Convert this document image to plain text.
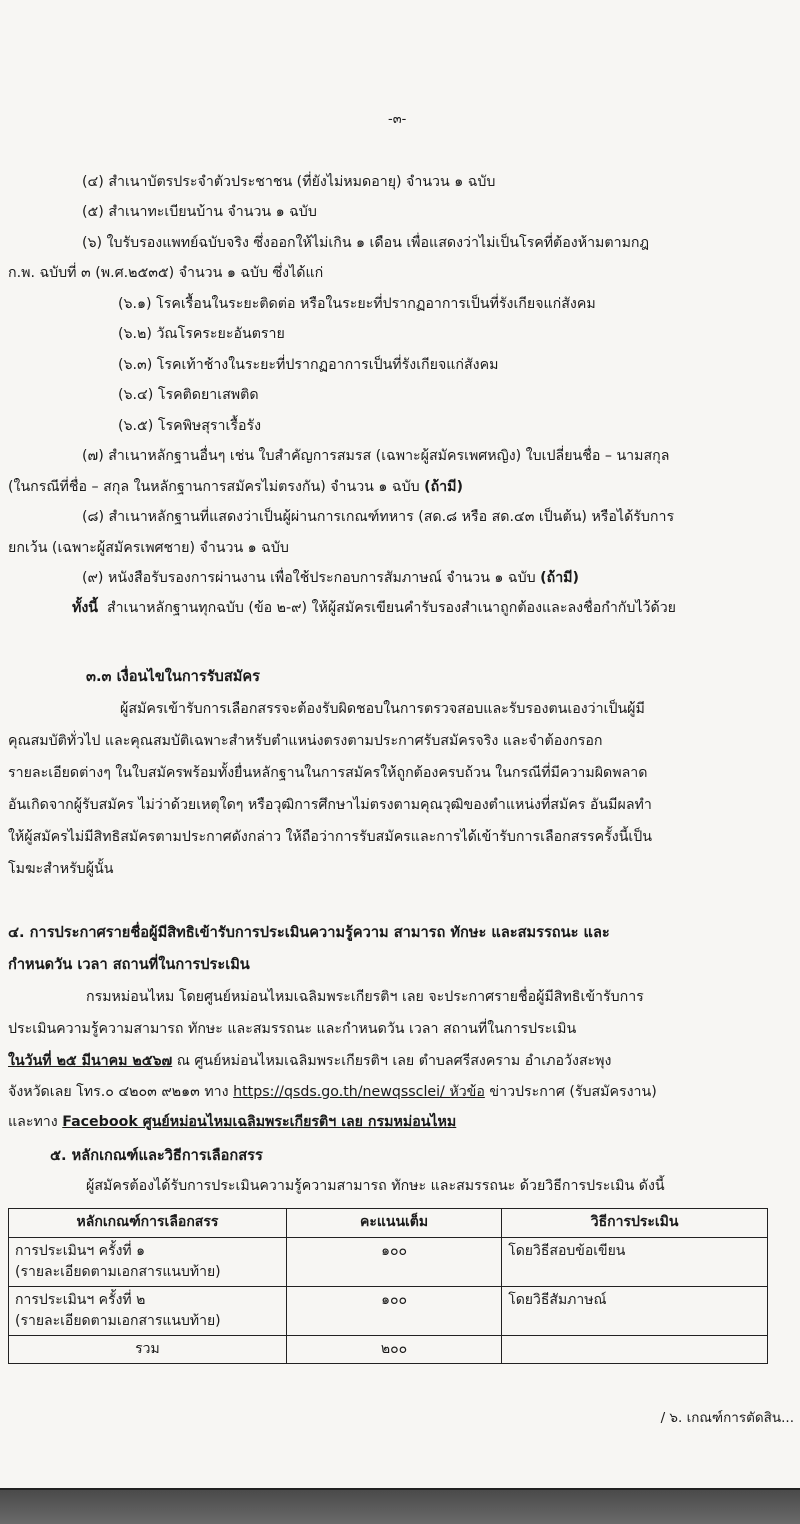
-๓-

(๔) สำเนาบัตรประจำตัวประชาชน (ที่ยังไม่หมดอายุ) จำนวน ๑ ฉบับ

(๕) สำเนาทะเบียนบ้าน จำนวน ๑ ฉบับ

(๖) ใบรับรองแพทย์ฉบับจริง ซึ่งออกให้ไม่เกิน ๑ เดือน เพื่อแสดงว่าไม่เป็นโรคที่ต้องห้ามตามกฎ

ก.พ. ฉบับที่ ๓ (พ.ศ.๒๕๓๕) จำนวน ๑ ฉบับ ซึ่งได้แก่

(๖.๑) โรคเรื้อนในระยะติดต่อ หรือในระยะที่ปรากฏอาการเป็นที่รังเกียจแก่สังคม

(๖.๒) วัณโรคระยะอันตราย

(๖.๓) โรคเท้าช้างในระยะที่ปรากฏอาการเป็นที่รังเกียจแก่สังคม

(๖.๔) โรคติดยาเสพติด

(๖.๕) โรคพิษสุราเรื้อรัง

(๗) สำเนาหลักฐานอื่นๆ เช่น ใบสำคัญการสมรส (เฉพาะผู้สมัครเพศหญิง) ใบเปลี่ยนชื่อ – นามสกุล

(ในกรณีที่ชื่อ – สกุล ในหลักฐานการสมัครไม่ตรงกัน) จำนวน ๑ ฉบับ (ถ้ามี)

(๘) สำเนาหลักฐานที่แสดงว่าเป็นผู้ผ่านการเกณฑ์ทหาร (สด.๘ หรือ สด.๔๓ เป็นต้น) หรือได้รับการ

ยกเว้น (เฉพาะผู้สมัครเพศชาย) จำนวน ๑ ฉบับ

(๙) หนังสือรับรองการผ่านงาน เพื่อใช้ประกอบการสัมภาษณ์ จำนวน ๑ ฉบับ (ถ้ามี)

ทั้งนี้ สำเนาหลักฐานทุกฉบับ (ข้อ ๒-๙) ให้ผู้สมัครเขียนคำรับรองสำเนาถูกต้องและลงชื่อกำกับไว้ด้วย

๓.๓ เงื่อนไขในการรับสมัคร

ผู้สมัครเข้ารับการเลือกสรรจะต้องรับผิดชอบในการตรวจสอบและรับรองตนเองว่าเป็นผู้มี

คุณสมบัติทั่วไป และคุณสมบัติเฉพาะสำหรับตำแหน่งตรงตามประกาศรับสมัครจริง และจำต้องกรอก

รายละเอียดต่างๆ ในใบสมัครพร้อมทั้งยื่นหลักฐานในการสมัครให้ถูกต้องครบถ้วน ในกรณีที่มีความผิดพลาด

อันเกิดจากผู้รับสมัคร ไม่ว่าด้วยเหตุใดๆ หรือวุฒิการศึกษาไม่ตรงตามคุณวุฒิของตำแหน่งที่สมัคร อันมีผลทำ

ให้ผู้สมัครไม่มีสิทธิสมัครตามประกาศดังกล่าว ให้ถือว่าการรับสมัครและการได้เข้ารับการเลือกสรรครั้งนี้เป็น

โมฆะสำหรับผู้นั้น

๔. การประกาศรายชื่อผู้มีสิทธิเข้ารับการประเมินความรู้ความ สามารถ ทักษะ และสมรรถนะ และ

กำหนดวัน เวลา สถานที่ในการประเมิน

กรมหม่อนไหม โดยศูนย์หม่อนไหมเฉลิมพระเกียรติฯ เลย จะประกาศรายชื่อผู้มีสิทธิเข้ารับการ

ประเมินความรู้ความสามารถ ทักษะ และสมรรถนะ และกำหนดวัน เวลา สถานที่ในการประเมิน

ในวันที่ ๒๕ มีนาคม ๒๕๖๗ ณ ศูนย์หม่อนไหมเฉลิมพระเกียรติฯ เลย ตำบลศรีสงคราม อำเภอวังสะพุง

จังหวัดเลย โทร.๐ ๔๒๐๓ ๙๒๑๓ ทาง https://qsds.go.th/newqssclei/ หัวข้อ ข่าวประกาศ (รับสมัครงาน)

และทาง Facebook ศูนย์หม่อนไหมเฉลิมพระเกียรติฯ เลย กรมหม่อนไหม

๕. หลักเกณฑ์และวิธีการเลือกสรร

ผู้สมัครต้องได้รับการประเมินความรู้ความสามารถ ทักษะ และสมรรถนะ ด้วยวิธีการประเมิน ดังนี้

หลักเกณฑ์การเลือกสรร	คะแนนเต็ม	วิธีการประเมิน

การประเมินฯ ครั้งที่ ๑
(รายละเอียดตามเอกสารแนบท้าย)	๑๐๐	โดยวิธีสอบข้อเขียน

การประเมินฯ ครั้งที่ ๒
(รายละเอียดตามเอกสารแนบท้าย)	๑๐๐	โดยวิธีสัมภาษณ์
รวม	๒๐๐	

/ ๖. เกณฑ์การตัดสิน...
